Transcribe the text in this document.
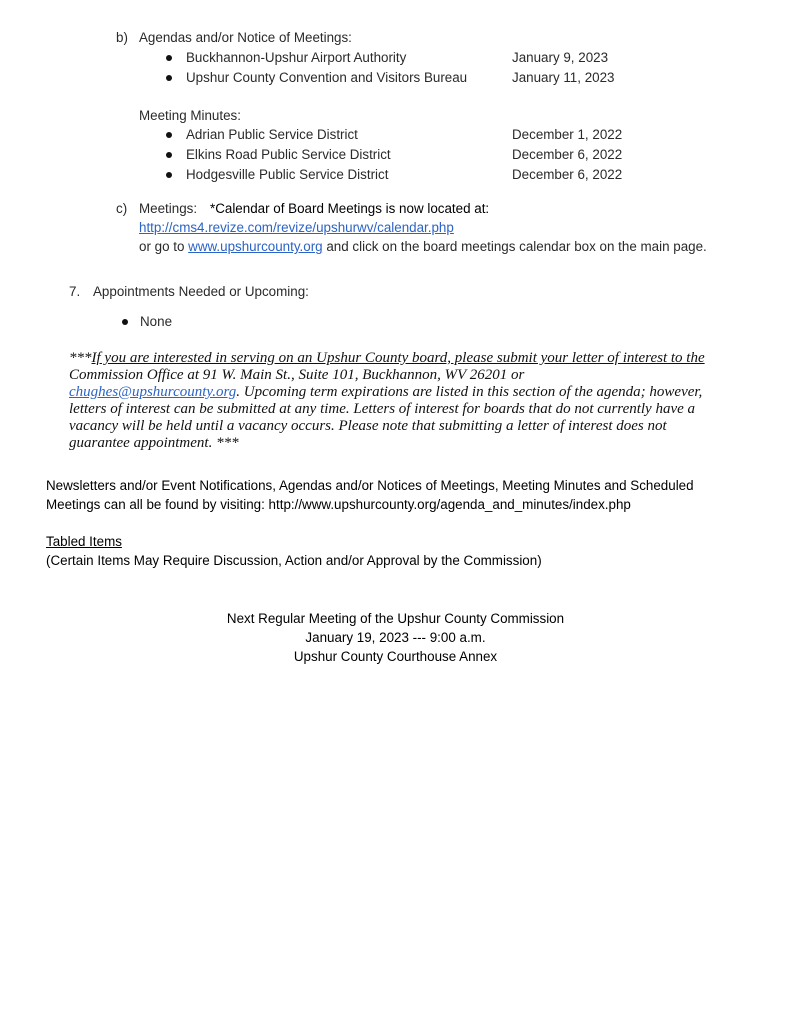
b) Agendas and/or Notice of Meetings:
Buckhannon-Upshur Airport Authority	January 9, 2023
Upshur County Convention and Visitors Bureau	January 11, 2023
Meeting Minutes:
Adrian Public Service District	December 1, 2022
Elkins Road Public Service District	December 6, 2022
Hodgesville Public Service District	December 6, 2022
c) Meetings: *Calendar of Board Meetings is now located at:
http://cms4.revize.com/revize/upshurwv/calendar.php
or go to www.upshurcounty.org and click on the board meetings calendar box on the main page.
7. Appointments Needed or Upcoming:
None
***If you are interested in serving on an Upshur County board, please submit your letter of interest to the
Commission Office at 91 W. Main St., Suite 101, Buckhannon, WV 26201 or
chughes@upshurcounty.org. Upcoming term expirations are listed in this section of the agenda; however,
letters of interest can be submitted at any time. Letters of interest for boards that do not currently have a
vacancy will be held until a vacancy occurs. Please note that submitting a letter of interest does not
guarantee appointment. ***
Newsletters and/or Event Notifications, Agendas and/or Notices of Meetings, Meeting Minutes and Scheduled
Meetings can all be found by visiting: http://www.upshurcounty.org/agenda_and_minutes/index.php
Tabled Items
(Certain Items May Require Discussion, Action and/or Approval by the Commission)
Next Regular Meeting of the Upshur County Commission
January 19, 2023 --- 9:00 a.m.
Upshur County Courthouse Annex
